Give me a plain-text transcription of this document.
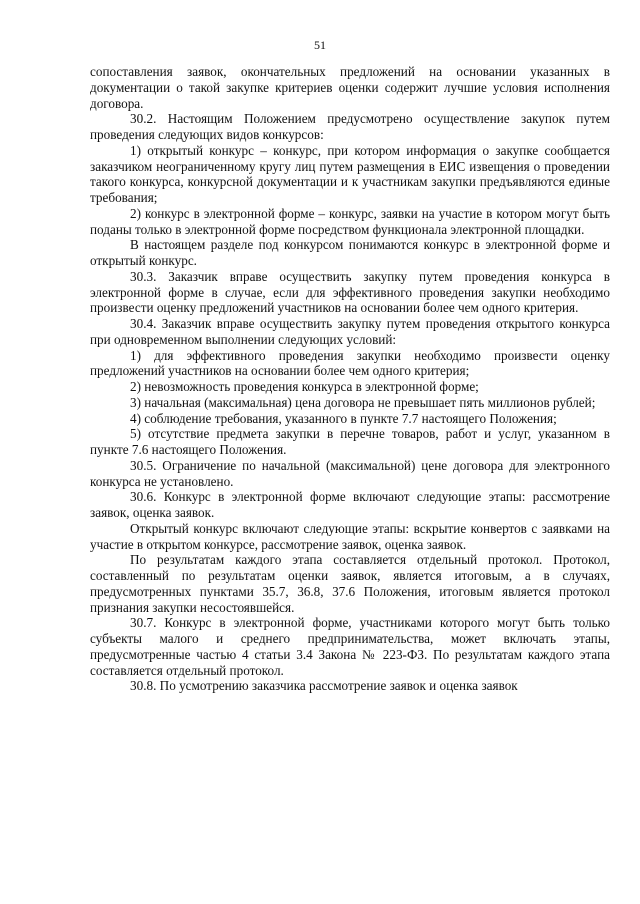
51

сопоставления заявок, окончательных предложений на основании указанных в документации о такой закупке критериев оценки содержит лучшие условия исполнения договора.

30.2. Настоящим Положением предусмотрено осуществление закупок путем проведения следующих видов конкурсов:

1) открытый конкурс – конкурс, при котором информация о закупке сообщается заказчиком неограниченному кругу лиц путем размещения в ЕИС извещения о проведении такого конкурса, конкурсной документации и к участникам закупки предъявляются единые требования;

2) конкурс в электронной форме – конкурс, заявки на участие в котором могут быть поданы только в электронной форме посредством функционала электронной площадки.

В настоящем разделе под конкурсом понимаются конкурс в электронной форме и открытый конкурс.

30.3. Заказчик вправе осуществить закупку путем проведения конкурса в электронной форме в случае, если для эффективного проведения закупки необходимо произвести оценку предложений участников на основании более чем одного критерия.

30.4. Заказчик вправе осуществить закупку путем проведения открытого конкурса при одновременном выполнении следующих условий:

1) для эффективного проведения закупки необходимо произвести оценку предложений участников на основании более чем одного критерия;

2) невозможность проведения конкурса в электронной форме;

3) начальная (максимальная) цена договора не превышает пять миллионов рублей;

4) соблюдение требования, указанного в пункте 7.7 настоящего Положения;

5) отсутствие предмета закупки в перечне товаров, работ и услуг, указанном в пункте 7.6 настоящего Положения.

30.5. Ограничение по начальной (максимальной) цене договора для электронного конкурса не установлено.

30.6. Конкурс в электронной форме включают следующие этапы: рассмотрение заявок, оценка заявок.

Открытый конкурс включают следующие этапы: вскрытие конвертов с заявками на участие в открытом конкурсе, рассмотрение заявок, оценка заявок.

По результатам каждого этапа составляется отдельный протокол. Протокол, составленный по результатам оценки заявок, является итоговым, а в случаях, предусмотренных пунктами 35.7, 36.8, 37.6 Положения, итоговым является протокол признания закупки несостоявшейся.

30.7. Конкурс в электронной форме, участниками которого могут быть только субъекты малого и среднего предпринимательства, может включать этапы, предусмотренные частью 4 статьи 3.4 Закона № 223-ФЗ. По результатам каждого этапа составляется отдельный протокол.

30.8. По усмотрению заказчика рассмотрение заявок и оценка заявок
